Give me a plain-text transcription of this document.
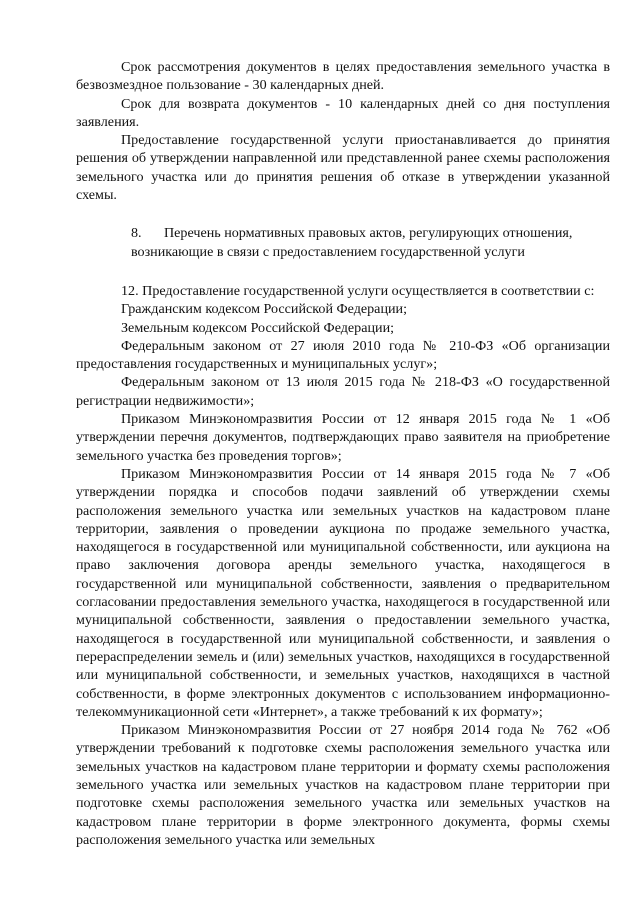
Срок рассмотрения документов в целях предоставления земельного участка в безвозмездное пользование - 30 календарных дней.

Срок для возврата документов - 10 календарных дней со дня поступления заявления.

Предоставление государственной услуги приостанавливается до принятия решения об утверждении направленной или представленной ранее схемы расположения земельного участка или до принятия решения об отказе в утверждении указанной схемы.

8. Перечень нормативных правовых актов, регулирующих отношения,
возникающие в связи с предоставлением государственной услуги

12. Предоставление государственной услуги осуществляется в соответствии с:

Гражданским кодексом Российской Федерации;

Земельным кодексом Российской Федерации;

Федеральным законом от 27 июля 2010 года № 210-ФЗ «Об организации предоставления государственных и муниципальных услуг»;

Федеральным законом от 13 июля 2015 года № 218-ФЗ «О государственной регистрации недвижимости»;

Приказом Минэкономразвития России от 12 января 2015 года № 1 «Об утверждении перечня документов, подтверждающих право заявителя на приобретение земельного участка без проведения торгов»;

Приказом Минэкономразвития России от 14 января 2015 года № 7 «Об утверждении порядка и способов подачи заявлений об утверждении схемы расположения земельного участка или земельных участков на кадастровом плане территории, заявления о проведении аукциона по продаже земельного участка, находящегося в государственной или муниципальной собственности, или аукциона на право заключения договора аренды земельного участка, находящегося в государственной или муниципальной собственности, заявления о предварительном согласовании предоставления земельного участка, находящегося в государственной или муниципальной собственности, заявления о предоставлении земельного участка, находящегося в государственной или муниципальной собственности, и заявления о перераспределении земель и (или) земельных участков, находящихся в государственной или муниципальной собственности, и земельных участков, находящихся в частной собственности, в форме электронных документов с использованием информационно-телекоммуникационной сети «Интернет», а также требований к их формату»;

Приказом Минэкономразвития России от 27 ноября 2014 года № 762 «Об утверждении требований к подготовке схемы расположения земельного участка или земельных участков на кадастровом плане территории и формату схемы расположения земельного участка или земельных участков на кадастровом плане территории при подготовке схемы расположения земельного участка или земельных участков на кадастровом плане территории в форме электронного документа, формы схемы расположения земельного участка или земельных
